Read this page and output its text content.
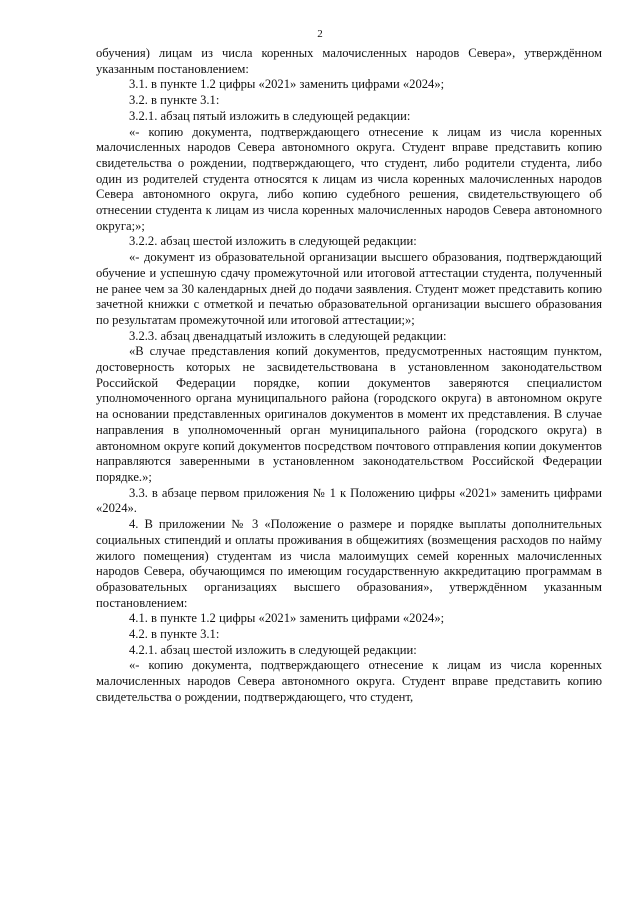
2

обучения) лицам из числа коренных малочисленных народов Севера», утверждённом указанным постановлением:

3.1. в пункте 1.2 цифры «2021» заменить цифрами «2024»;

3.2. в пункте 3.1:

3.2.1. абзац пятый изложить в следующей редакции:

«- копию документа, подтверждающего отнесение к лицам из числа коренных малочисленных народов Севера автономного округа. Студент вправе представить копию свидетельства о рождении, подтверждающего, что студент, либо родители студента, либо один из родителей студента относятся к лицам из числа коренных малочисленных народов Севера автономного округа, либо копию судебного решения, свидетельствующего об отнесении студента к лицам из числа коренных малочисленных народов Севера автономного округа;»;

3.2.2. абзац шестой изложить в следующей редакции:

«- документ из образовательной организации высшего образования, подтверждающий обучение и успешную сдачу промежуточной или итоговой аттестации студента, полученный не ранее чем за 30 календарных дней до подачи заявления. Студент может представить копию зачетной книжки с отметкой и печатью образовательной организации высшего образования по результатам промежуточной или итоговой аттестации;»;

3.2.3. абзац двенадцатый изложить в следующей редакции:

«В случае представления копий документов, предусмотренных настоящим пунктом, достоверность которых не засвидетельствована в установленном законодательством Российской Федерации порядке, копии документов заверяются специалистом уполномоченного органа муниципального района (городского округа) в автономном округе на основании представленных оригиналов документов в момент их представления. В случае направления в уполномоченный орган муниципального района (городского округа) в автономном округе копий документов посредством почтового отправления копии документов направляются заверенными в установленном законодательством Российской Федерации порядке.»;

3.3. в абзаце первом приложения № 1 к Положению цифры «2021» заменить цифрами «2024».

4. В приложении № 3 «Положение о размере и порядке выплаты дополнительных социальных стипендий и оплаты проживания в общежитиях (возмещения расходов по найму жилого помещения) студентам из числа малоимущих семей коренных малочисленных народов Севера, обучающимся по имеющим государственную аккредитацию программам в образовательных организациях высшего образования», утверждённом указанным постановлением:

4.1. в пункте 1.2 цифры «2021» заменить цифрами «2024»;

4.2. в пункте 3.1:

4.2.1. абзац шестой изложить в следующей редакции:

«- копию документа, подтверждающего отнесение к лицам из числа коренных малочисленных народов Севера автономного округа. Студент вправе представить копию свидетельства о рождении, подтверждающего, что студент,
